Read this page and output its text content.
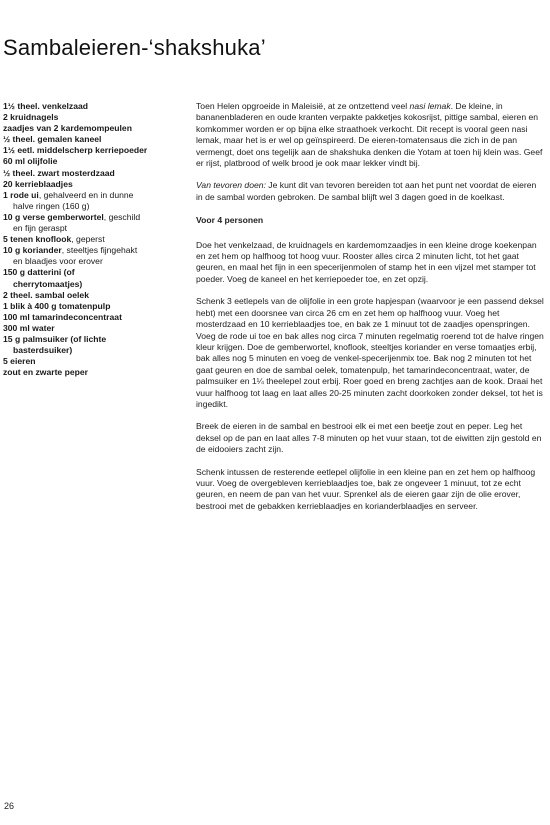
Sambaleieren-‘shakshuka’
1½ theel. venkelzaad
2 kruidnagels
zaadjes van 2 kardemompeulen
½ theel. gemalen kaneel
1½ eetl. middelscherp kerriepoeder
60 ml olijfolie
½ theel. zwart mosterdzaad
20 kerrieblaadjes
1 rode ui, gehalveerd en in dunne
halve ringen (160 g)
10 g verse gemberwortel, geschild
en fijn geraspt
5 tenen knoflook, geperst
10 g koriander, steeltjes fijngehakt
en blaadjes voor erover
150 g datterini (of
cherrytomaatjes)
2 theel. sambal oelek
1 blik à 400 g tomatenpulp
100 ml tamarindeconcentraat
300 ml water
15 g palmsuiker (of lichte
basterdsuiker)
5 eieren
zout en zwarte peper

Toen Helen opgroeide in Maleisië, at ze ontzettend veel nasi lemak. De kleine, in bananenbladeren en oude kranten verpakte pakketjes kokosrijst, pittige sambal, eieren en komkommer worden er op bijna elke straathoek verkocht. Dit recept is vooral geen nasi lemak, maar het is er wel op geïnspireerd. De eieren-tomatensaus die zich in de pan vermengt, doet ons tegelijk aan de shakshuka denken die Yotam at toen hij klein was. Geef er rijst, platbrood of welk brood je ook maar lekker vindt bij.

Van tevoren doen: Je kunt dit van tevoren bereiden tot aan het punt net voordat de eieren in de sambal worden gebroken. De sambal blijft wel 3 dagen goed in de koelkast.

Voor 4 personen

Doe het venkelzaad, de kruidnagels en kardemomzaadjes in een kleine droge koekenpan en zet hem op halfhoog tot hoog vuur. Rooster alles circa 2 minuten licht, tot het gaat geuren, en maal het fijn in een specerijenmolen of stamp het in een vijzel met stamper tot poeder. Voeg de kaneel en het kerriepoeder toe, en zet opzij.

Schenk 3 eetlepels van de olijfolie in een grote hapjespan (waarvoor je een passend deksel hebt) met een doorsnee van circa 26 cm en zet hem op halfhoog vuur. Voeg het mosterdzaad en 10 kerrieblaadjes toe, en bak ze 1 minuut tot de zaadjes openspringen. Voeg de rode ui toe en bak alles nog circa 7 minuten regelmatig roerend tot de halve ringen kleur krijgen. Doe de gemberwortel, knoflook, steeltjes koriander en verse tomaatjes erbij, bak alles nog 5 minuten en voeg de venkel-specerijenmix toe. Bak nog 2 minuten tot het gaat geuren en doe de sambal oelek, tomatenpulp, het tamarindeconcentraat, water, de palmsuiker en 1¼ theelepel zout erbij. Roer goed en breng zachtjes aan de kook. Draai het vuur halfhoog tot laag en laat alles 20-25 minuten zacht doorkoken zonder deksel, tot het is ingedikt.

Breek de eieren in de sambal en bestrooi elk ei met een beetje zout en peper. Leg het deksel op de pan en laat alles 7-8 minuten op het vuur staan, tot de eiwitten zijn gestold en de eidooiers zacht zijn.

Schenk intussen de resterende eetlepel olijfolie in een kleine pan en zet hem op halfhoog vuur. Voeg de overgebleven kerrieblaadjes toe, bak ze ongeveer 1 minuut, tot ze echt geuren, en neem de pan van het vuur. Sprenkel als de eieren gaar zijn de olie erover, bestrooi met de gebakken kerrieblaadjes en korianderblaadjes en serveer.

26
